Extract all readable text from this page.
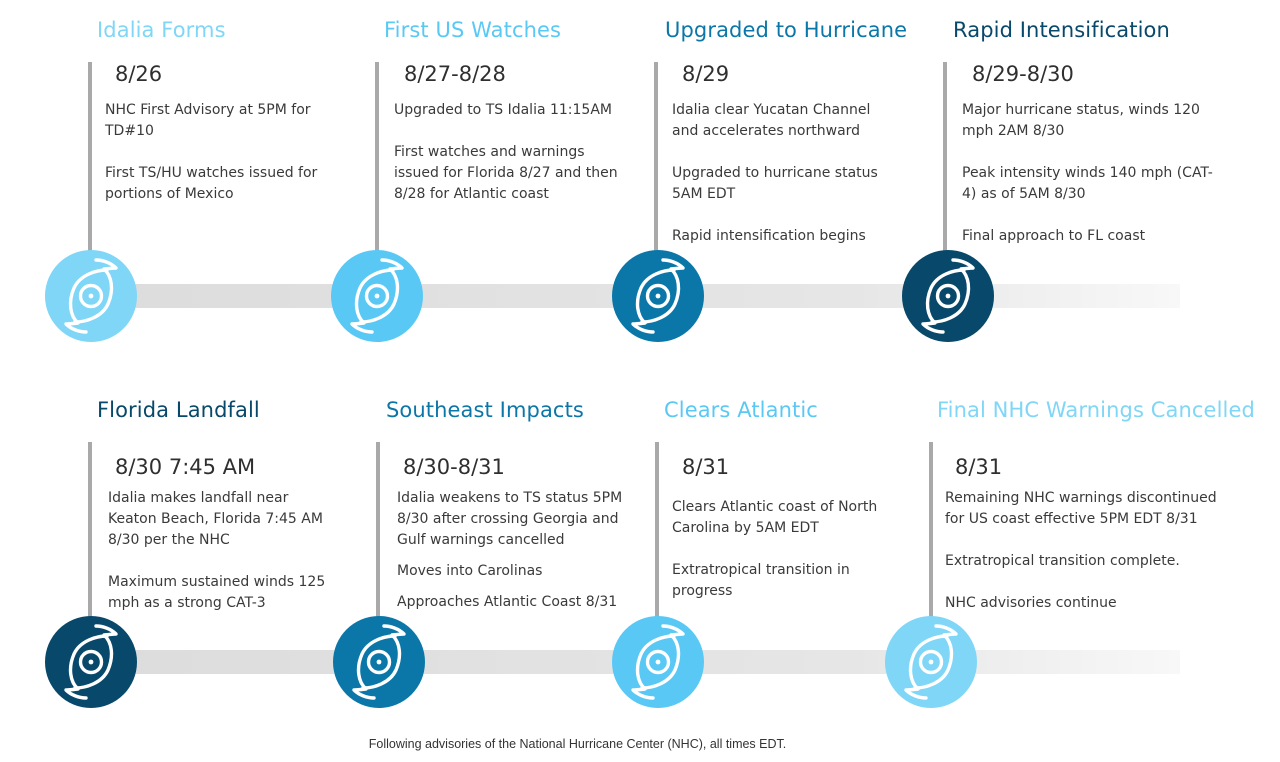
Idalia Forms
8/26

NHC First Advisory at 5PM for TD#10

First TS/HU watches issued for portions of Mexico

First US Watches
8/27-8/28

Upgraded to TS Idalia 11:15AM

First watches and warnings issued for Florida 8/27 and then 8/28 for Atlantic coast

Upgraded to Hurricane
8/29

Idalia clear Yucatan Channel and accelerates northward

Upgraded to hurricane status 5AM EDT

Rapid intensification begins

Rapid Intensification
8/29-8/30

Major hurricane status, winds 120 mph 2AM 8/30

Peak intensity winds 140 mph (CAT-4) as of 5AM 8/30

Final approach to FL coast

Florida Landfall
8/30 7:45 AM

Idalia makes landfall near Keaton Beach, Florida 7:45 AM 8/30 per the NHC

Maximum sustained winds 125 mph as a strong CAT-3

Southeast Impacts
8/30-8/31

Idalia weakens to TS status 5PM 8/30 after crossing Georgia and Gulf warnings cancelled

Moves into Carolinas

Approaches Atlantic Coast 8/31

Clears Atlantic
8/31

Clears Atlantic coast of North Carolina by 5AM EDT

Extratropical transition in progress

Final NHC Warnings Cancelled
8/31

Remaining NHC warnings discontinued for US coast effective 5PM EDT 8/31

Extratropical transition complete.

NHC advisories continue

Following advisories of the National Hurricane Center (NHC), all times EDT.
